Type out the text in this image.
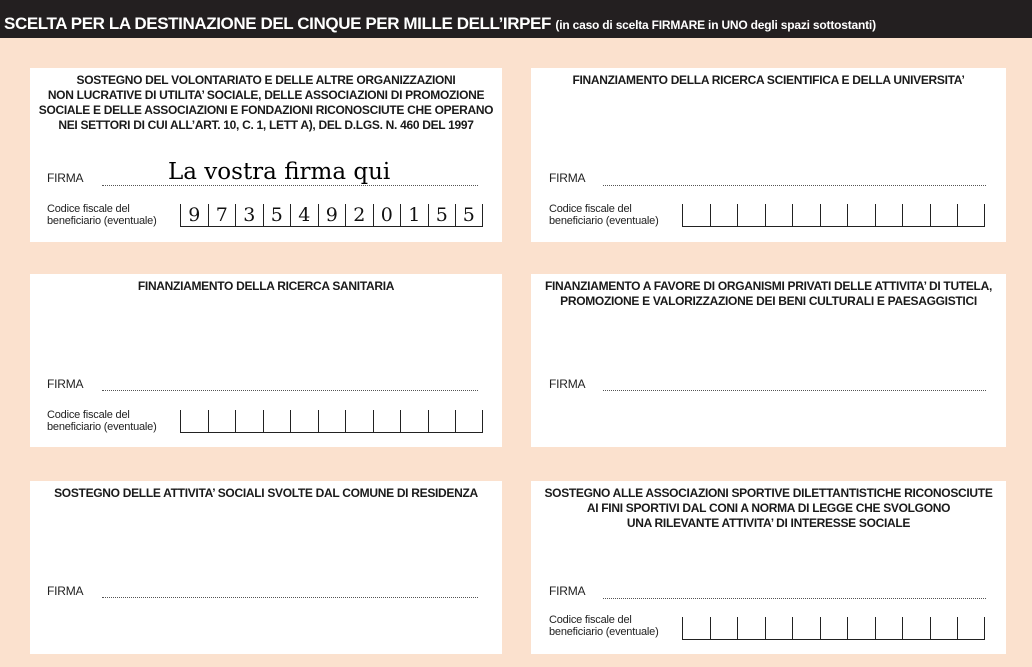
SCELTA PER LA DESTINAZIONE DEL CINQUE PER MILLE DELL’IRPEF (in caso di scelta FIRMARE in UNO degli spazi sottostanti)
SOSTEGNO DEL VOLONTARIATO E DELLE ALTRE ORGANIZZAZIONI
NON LUCRATIVE DI UTILITA’ SOCIALE, DELLE ASSOCIAZIONI DI PROMOZIONE
SOCIALE E DELLE ASSOCIAZIONI E FONDAZIONI RICONOSCIUTE CHE OPERANO
NEI SETTORI DI CUI ALL’ART. 10, C. 1, LETT A), DEL D.LGS. N. 460 DEL 1997
FIRMA	La vostra firma qui
Codice fiscale del
beneficiario (eventuale)	9 7 3 5 4 9 2 0 1 5 5
FINANZIAMENTO DELLA RICERCA SCIENTIFICA E DELLA UNIVERSITA’
FIRMA
Codice fiscale del
beneficiario (eventuale)
FINANZIAMENTO DELLA RICERCA SANITARIA
FIRMA
Codice fiscale del
beneficiario (eventuale)
FINANZIAMENTO A FAVORE DI ORGANISMI PRIVATI DELLE ATTIVITA’ DI TUTELA,
PROMOZIONE E VALORIZZAZIONE DEI BENI CULTURALI E PAESAGGISTICI
FIRMA
SOSTEGNO DELLE ATTIVITA’ SOCIALI SVOLTE DAL COMUNE DI RESIDENZA
FIRMA
SOSTEGNO ALLE ASSOCIAZIONI SPORTIVE DILETTANTISTICHE RICONOSCIUTE
AI FINI SPORTIVI DAL CONI A NORMA DI LEGGE CHE SVOLGONO
UNA RILEVANTE ATTIVITA’ DI INTERESSE SOCIALE
FIRMA
Codice fiscale del
beneficiario (eventuale)
